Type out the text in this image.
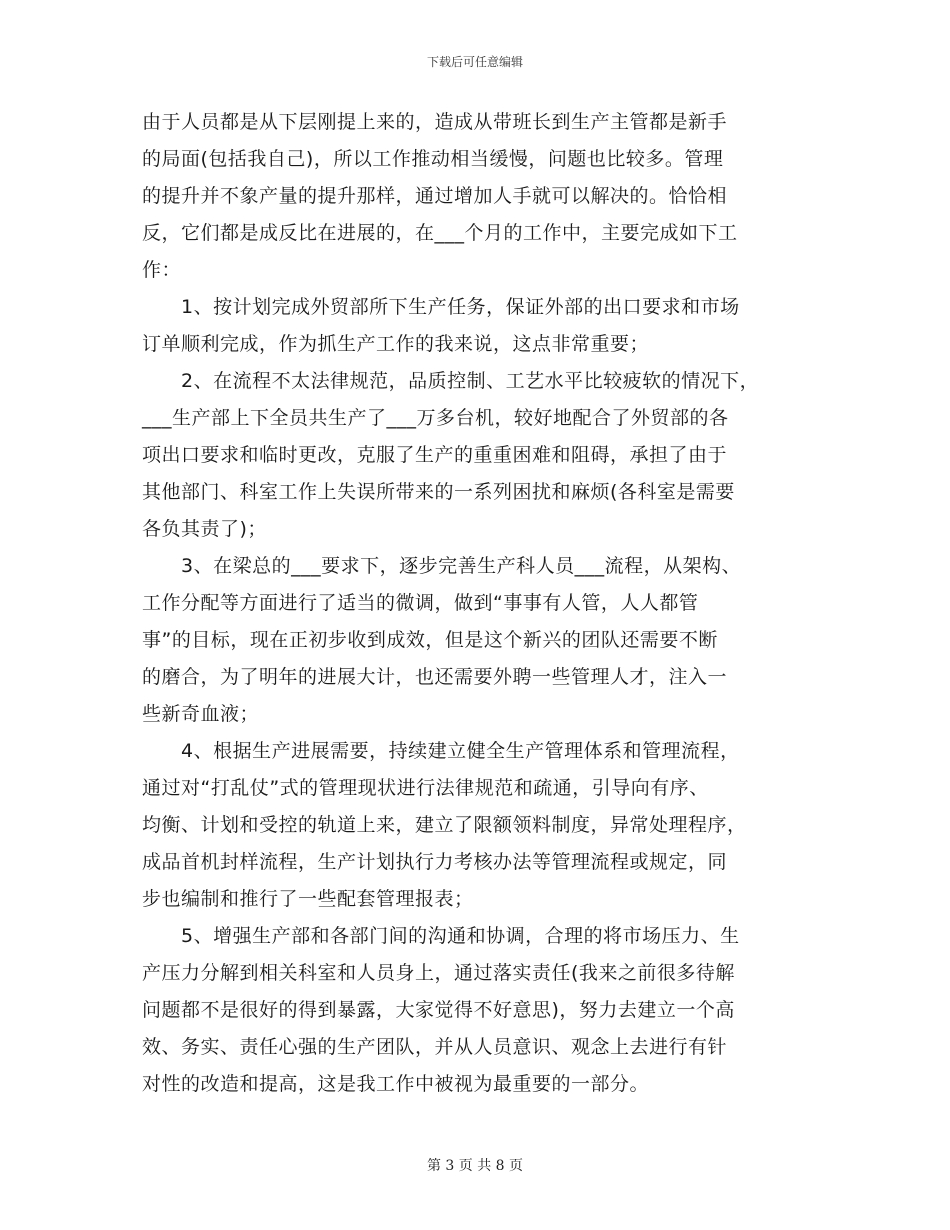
下载后可任意编辑
由于人员都是从下层刚提上来的，造成从带班长到生产主管都是新手
的局面(包括我自己)，所以工作推动相当缓慢，问题也比较多。管理
的提升并不象产量的提升那样，通过增加人手就可以解决的。恰恰相
反，它们都是成反比在进展的，在___个月的工作中，主要完成如下工
作：
　　1、按计划完成外贸部所下生产任务，保证外部的出口要求和市场
订单顺利完成，作为抓生产工作的我来说，这点非常重要；
　　2、在流程不太法律规范，品质控制、工艺水平比较疲软的情况下，
___生产部上下全员共生产了___万多台机，较好地配合了外贸部的各
项出口要求和临时更改，克服了生产的重重困难和阻碍，承担了由于
其他部门、科室工作上失误所带来的一系列困扰和麻烦(各科室是需要
各负其责了)；
　　3、在梁总的___要求下，逐步完善生产科人员___流程，从架构、
工作分配等方面进行了适当的微调，做到“事事有人管，人人都管
事”的目标，现在正初步收到成效，但是这个新兴的团队还需要不断
的磨合，为了明年的进展大计，也还需要外聘一些管理人才，注入一
些新奇血液；
　　4、根据生产进展需要，持续建立健全生产管理体系和管理流程，
通过对“打乱仗”式的管理现状进行法律规范和疏通，引导向有序、
均衡、计划和受控的轨道上来，建立了限额领料制度，异常处理程序，
成品首机封样流程，生产计划执行力考核办法等管理流程或规定，同
步也编制和推行了一些配套管理报表；
　　5、增强生产部和各部门间的沟通和协调，合理的将市场压力、生
产压力分解到相关科室和人员身上，通过落实责任(我来之前很多待解
问题都不是很好的得到暴露，大家觉得不好意思)，努力去建立一个高
效、务实、责任心强的生产团队，并从人员意识、观念上去进行有针
对性的改造和提高，这是我工作中被视为最重要的一部分。
第 3 页 共 8 页
